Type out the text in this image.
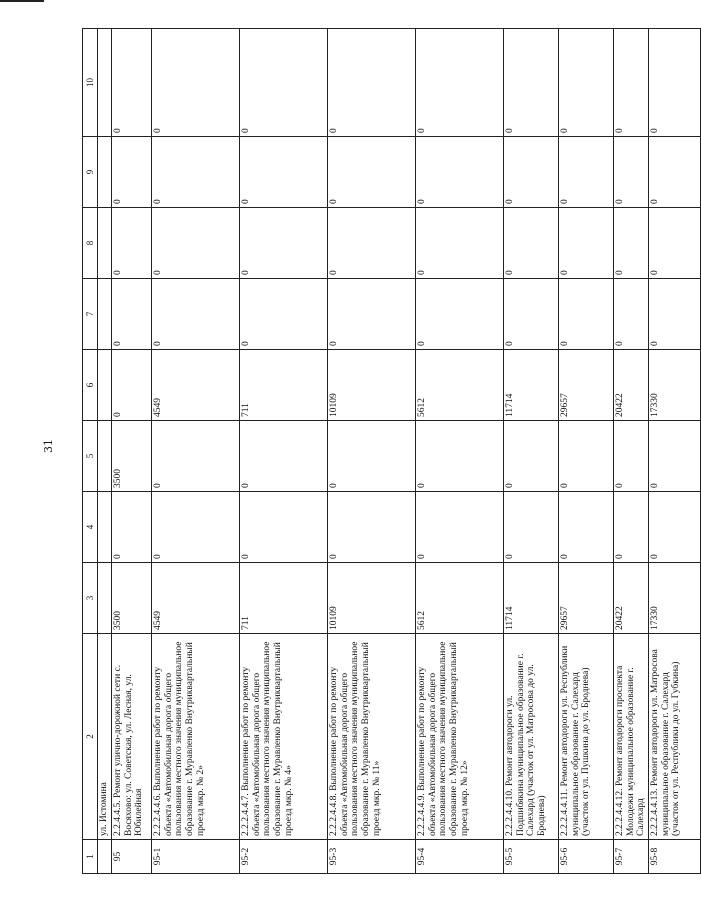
31
1	2	3	4	5	6	7	8	9	10
	ул. Истомина								
95	2.2.4.4.5. Ремонт улично-дорожной сети с. Восяхово: ул. Советская, ул. Лесная, ул. Юбилейная	3500	0	3500	0	0	0	0	0
95-1	2.2.2.4.4.6. Выполнение работ по ремонту объекта «Автомобильная дорога общего пользования местного значения муниципальное образование г. Муравленко Внутриквартальный проезд мкр. № 2»	4549	0	0	4549	0	0	0	0
95-2	2.2.2.4.4.7. Выполнение работ по ремонту объекта «Автомобильная дорога общего пользования местного значения муниципальное образование г. Муравленко Внутриквартальный проезд мкр. № 4»	711	0	0	711	0	0	0	0
95-3	2.2.2.4.4.8. Выполнение работ по ремонту объекта «Автомобильная дорога общего пользования местного значения муниципальное образование г. Муравленко Внутриквартальный проезд мкр. № 11»	10109	0	0	10109	0	0	0	0
95-4	2.2.2.4.4.9. Выполнение работ по ремонту объекта «Автомобильная дорога общего пользования местного значения муниципальное образование г. Муравленко Внутриквартальный проезд мкр. № 12»	5612	0	0	5612	0	0	0	0
95-5	2.2.2.4.4.10. Ремонт автодороги ул. Подшибякина муниципальное образование г. Салехард (участок от ул. Матросова до ул. Броднева)	11714	0	0	11714	0	0	0	0
95-6	2.2.2.4.4.11. Ремонт автодороги ул. Республики муниципальное образование г. Салехард (участок от ул. Пушкина до ул. Броднева)	29657	0	0	29657	0	0	0	0
95-7	2.2.2.4.4.12. Ремонт автодороги проспекта Молодежи муниципальное образование г. Салехард	20422	0	0	20422	0	0	0	0
95-8	2.2.2.4.4.13. Ремонт автодороги ул. Матросова муниципальное образование г. Салехард (участок от ул. Республики до ул. Губкина)	17330	0	0	17330	0	0	0	0
